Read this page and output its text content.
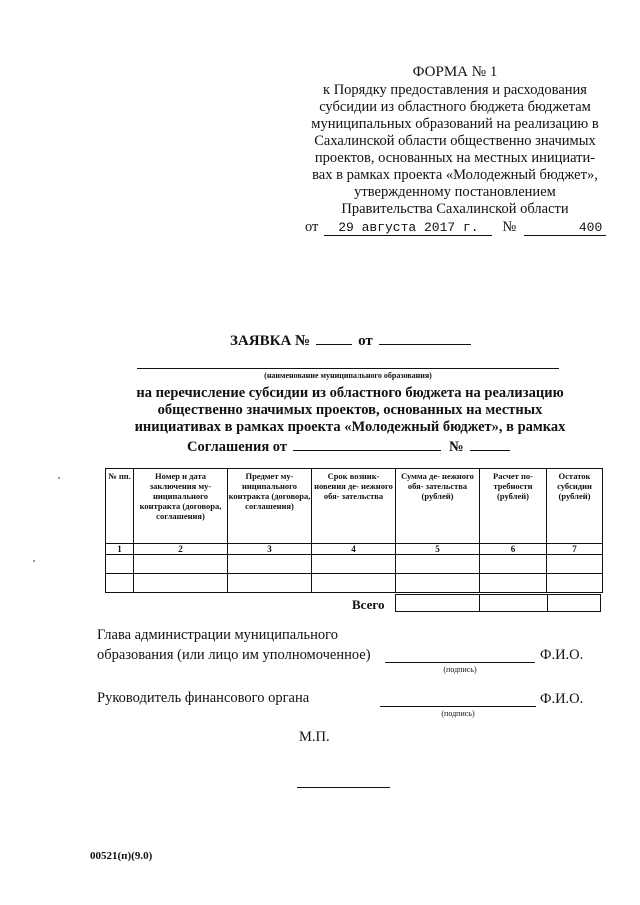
ФОРМА № 1
к Порядку предоставления и расходования
субсидии из областного бюджета бюджетам
муниципальных образований на реализацию в
Сахалинской области общественно значимых
проектов, основанных на местных инициати-
вах в рамках проекта «Молодежный бюджет»,
утвержденному постановлением
Правительства Сахалинской области
от	29 августа 2017 г.	№	400
ЗАЯВКА №	от
(наименование муниципального образования)
на перечисление субсидии из областного бюджета на реализацию
общественно значимых проектов, основанных на местных
инициативах в рамках проекта «Молодежный бюджет», в рамках
Соглашения от	№
№ пп.	Номер и дата заключения му- ниципального контракта (договора, соглашения)	Предмет му- ниципального контракта (договора, соглашения)	Срок возник- новения де- нежного обя- зательства	Сумма де- нежного обя- зательства (рублей)	Расчет по- требности (рублей)	Остаток субсидии (рублей)
1	2	3	4	5	6	7

Всего
Глава администрации муниципального
образования (или лицо им уполномоченное)	Ф.И.О.
(подпись)
Руководитель финансового органа	Ф.И.О.
(подпись)
М.П.
00521(п)(9.0)
